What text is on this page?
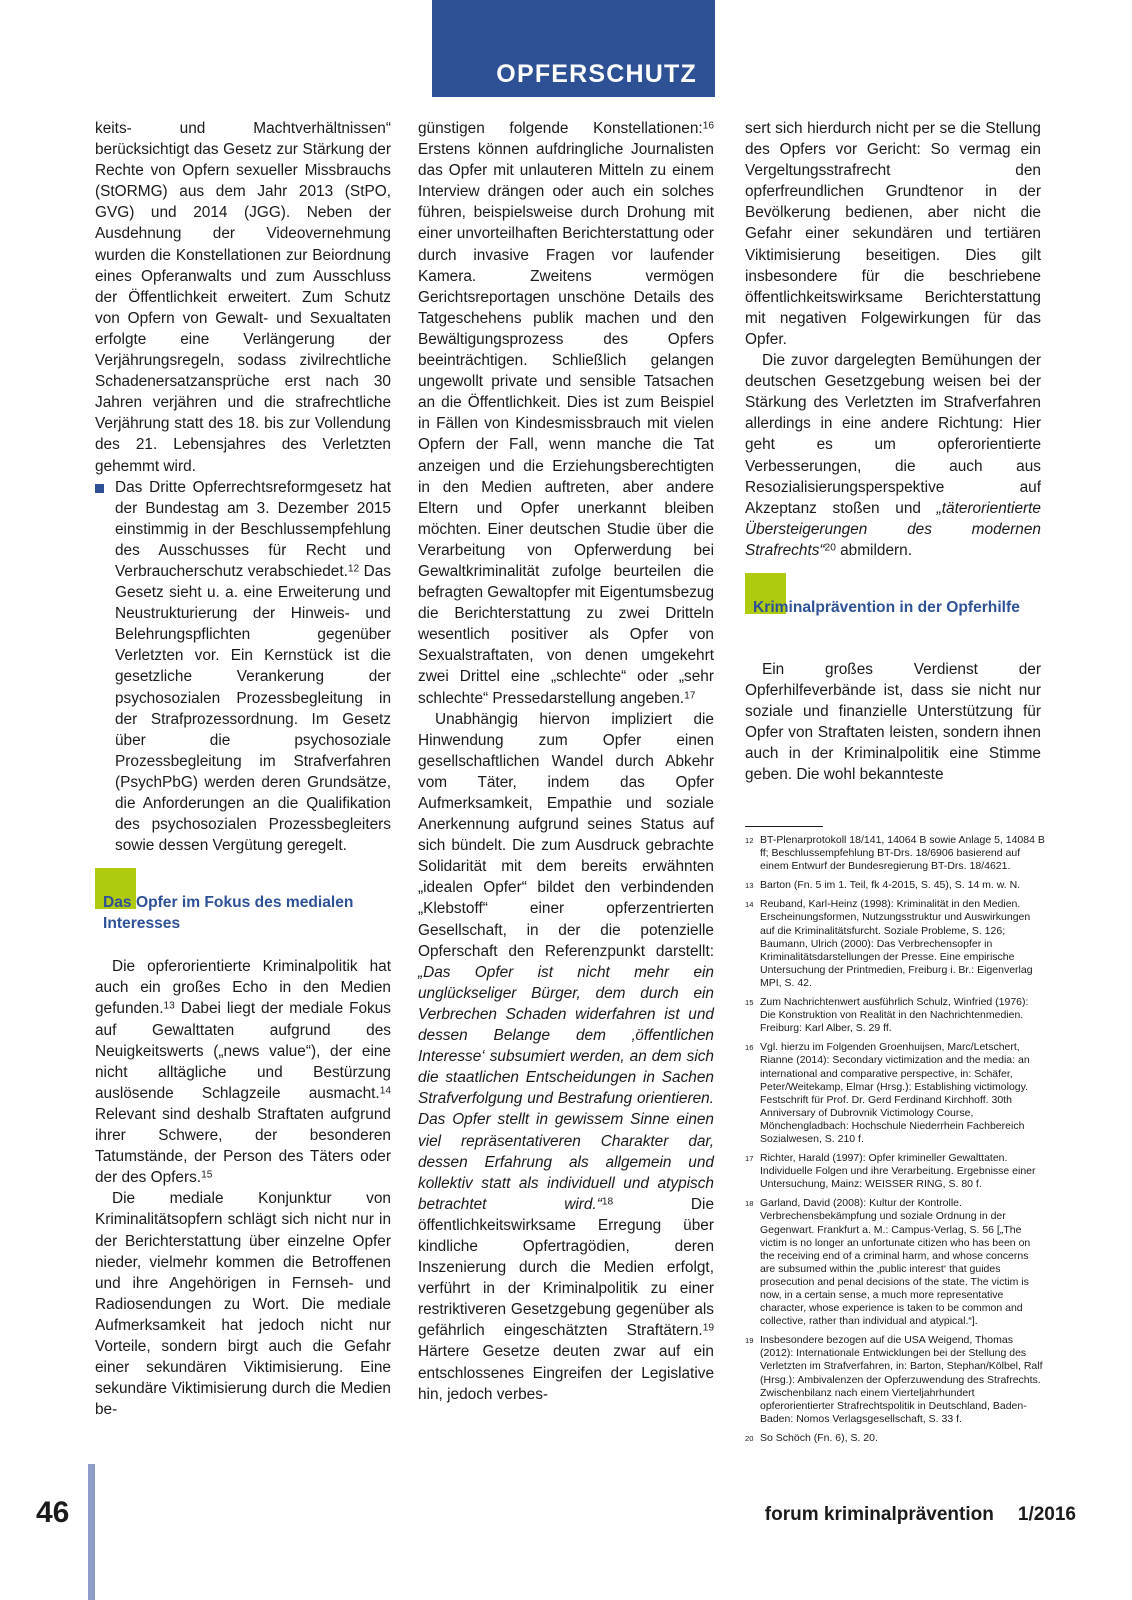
OPFERSCHUTZ

keits- und Machtverhältnissen“ berücksichtigt das Gesetz zur Stärkung der Rechte von Opfern sexueller Missbrauchs (StORMG) aus dem Jahr 2013 (StPO, GVG) und 2014 (JGG). Neben der Ausdehnung der Videovernehmung wurden die Konstellationen zur Beiordnung eines Opferanwalts und zum Ausschluss der Öffentlichkeit erweitert. Zum Schutz von Opfern von Gewalt- und Sexualtaten erfolgte eine Verlängerung der Verjährungsregeln, sodass zivilrechtliche Schadenersatzansprüche erst nach 30 Jahren verjähren und die strafrechtliche Verjährung statt des 18. bis zur Vollendung des 21. Lebensjahres des Verletzten gehemmt wird.

Das Dritte Opferrechtsreformgesetz hat der Bundestag am 3. Dezember 2015 einstimmig in der Beschlussempfehlung des Ausschusses für Recht und Verbraucherschutz verabschiedet.$^{12}$ Das Gesetz sieht u. a. eine Erweiterung und Neustrukturierung der Hinweis- und Belehrungspflichten gegenüber Verletzten vor. Ein Kernstück ist die gesetzliche Verankerung der psychosozialen Prozessbegleitung in der Strafprozessordnung. Im Gesetz über die psychosoziale Prozessbegleitung im Strafverfahren (PsychPbG) werden deren Grundsätze, die Anforderungen an die Qualifikation des psychosozialen Prozessbegleiters sowie dessen Vergütung geregelt.
Das Opfer im Fokus des medialen Interesses

Die opferorientierte Kriminalpolitik hat auch ein großes Echo in den Medien gefunden.$^{13}$ Dabei liegt der mediale Fokus auf Gewalttaten aufgrund des Neuigkeitswerts („news value“), der eine nicht alltägliche und Bestürzung auslösende Schlagzeile ausmacht.$^{14}$ Relevant sind deshalb Straftaten aufgrund ihrer Schwere, der besonderen Tatumstände, der Person des Täters oder der des Opfers.$^{15}$

Die mediale Konjunktur von Kriminalitätsopfern schlägt sich nicht nur in der Berichterstattung über einzelne Opfer nieder, vielmehr kommen die Betroffenen und ihre Angehörigen in Fernseh- und Radiosendungen zu Wort. Die mediale Aufmerksamkeit hat jedoch nicht nur Vorteile, sondern birgt auch die Gefahr einer sekundären Viktimisierung. Eine sekundäre Viktimisierung durch die Medien be-

günstigen folgende Konstellationen:$^{16}$ Erstens können aufdringliche Journalisten das Opfer mit unlauteren Mitteln zu einem Interview drängen oder auch ein solches führen, beispielsweise durch Drohung mit einer unvorteilhaften Berichterstattung oder durch invasive Fragen vor laufender Kamera. Zweitens vermögen Gerichtsreportagen unschöne Details des Tatgeschehens publik machen und den Bewältigungsprozess des Opfers beeinträchtigen. Schließlich gelangen ungewollt private und sensible Tatsachen an die Öffentlichkeit. Dies ist zum Beispiel in Fällen von Kindesmissbrauch mit vielen Opfern der Fall, wenn manche die Tat anzeigen und die Erziehungsberechtigten in den Medien auftreten, aber andere Eltern und Opfer unerkannt bleiben möchten. Einer deutschen Studie über die Verarbeitung von Opferwerdung bei Gewaltkriminalität zufolge beurteilen die befragten Gewaltopfer mit Eigentumsbezug die Berichterstattung zu zwei Dritteln wesentlich positiver als Opfer von Sexualstraftaten, von denen umgekehrt zwei Drittel eine „schlechte“ oder „sehr schlechte“ Pressedarstellung angeben.$^{17}$

Unabhängig hiervon impliziert die Hinwendung zum Opfer einen gesellschaftlichen Wandel durch Abkehr vom Täter, indem das Opfer Aufmerksamkeit, Empathie und soziale Anerkennung aufgrund seines Status auf sich bündelt. Die zum Ausdruck gebrachte Solidarität mit dem bereits erwähnten „idealen Opfer“ bildet den verbindenden „Klebstoff“ einer opferzentrierten Gesellschaft, in der die potenzielle Opferschaft den Referenzpunkt darstellt: „Das Opfer ist nicht mehr ein unglückseliger Bürger, dem durch ein Verbrechen Schaden widerfahren ist und dessen Belange dem ‚öffentlichen Interesse‘ subsumiert werden, an dem sich die staatlichen Entscheidungen in Sachen Strafverfolgung und Bestrafung orientieren. Das Opfer stellt in gewissem Sinne einen viel repräsentativeren Charakter dar, dessen Erfahrung als allgemein und kollektiv statt als individuell und atypisch betrachtet wird.“$^{18}$ Die öffentlichkeitswirksame Erregung über kindliche Opfertragödien, deren Inszenierung durch die Medien erfolgt, verführt in der Kriminalpolitik zu einer restriktiveren Gesetzgebung gegenüber als gefährlich eingeschätzten Straftätern.$^{19}$ Härtere Gesetze deuten zwar auf ein entschlossenes Eingreifen der Legislative hin, jedoch verbes-

sert sich hierdurch nicht per se die Stellung des Opfers vor Gericht: So vermag ein Vergeltungsstrafrecht den opferfreundlichen Grundtenor in der Bevölkerung bedienen, aber nicht die Gefahr einer sekundären und tertiären Viktimisierung beseitigen. Dies gilt insbesondere für die beschriebene öffentlichkeitswirksame Berichterstattung mit negativen Folgewirkungen für das Opfer.

Die zuvor dargelegten Bemühungen der deutschen Gesetzgebung weisen bei der Stärkung des Verletzten im Strafverfahren allerdings in eine andere Richtung: Hier geht es um opferorientierte Verbesserungen, die auch aus Resozialisierungsperspektive auf Akzeptanz stoßen und „täterorientierte Übersteigerungen des modernen Strafrechts“$^{20}$ abmildern.

Kriminalprävention in der Opferhilfe

Ein großes Verdienst der Opferhilfeverbände ist, dass sie nicht nur soziale und finanzielle Unterstützung für Opfer von Straftaten leisten, sondern ihnen auch in der Kriminalpolitik eine Stimme geben. Die wohl bekannteste

12 BT-Plenarprotokoll 18/141, 14064 B sowie Anlage 5, 14084 B ff; Beschlussempfehlung BT-Drs. 18/6906 basierend auf einem Entwurf der Bundesregierung BT-Drs. 18/4621.
13 Barton (Fn. 5 im 1. Teil, fk 4-2015, S. 45), S. 14 m. w. N.
14 Reuband, Karl-Heinz (1998): Kriminalität in den Medien. Erscheinungsformen, Nutzungsstruktur und Auswirkungen auf die Kriminalitätsfurcht. Soziale Probleme, S. 126; Baumann, Ulrich (2000): Das Verbrechensopfer in Kriminalitätsdarstellungen der Presse. Eine empirische Untersuchung der Printmedien, Freiburg i. Br.: Eigenverlag MPI, S. 42.
15 Zum Nachrichtenwert ausführlich Schulz, Winfried (1976): Die Konstruktion von Realität in den Nachrichtenmedien. Freiburg: Karl Alber, S. 29 ff.
16 Vgl. hierzu im Folgenden Groenhuijsen, Marc/Letschert, Rianne (2014): Secondary victimization and the media: an international and comparative perspective, in: Schäfer, Peter/Weitekamp, Elmar (Hrsg.): Establishing victimology. Festschrift für Prof. Dr. Gerd Ferdinand Kirchhoff. 30th Anniversary of Dubrovnik Victimology Course, Mönchengladbach: Hochschule Niederrhein Fachbereich Sozialwesen, S. 210 f.
17 Richter, Harald (1997): Opfer krimineller Gewalttaten. Individuelle Folgen und ihre Verarbeitung. Ergebnisse einer Untersuchung, Mainz: WEISSER RING, S. 80 f.
18 Garland, David (2008): Kultur der Kontrolle. Verbrechensbekämpfung und soziale Ordnung in der Gegenwart. Frankfurt a. M.: Campus-Verlag, S. 56 [„The victim is no longer an unfortunate citizen who has been on the receiving end of a criminal harm, and whose concerns are subsumed within the ‚public interest‘ that guides prosecution and penal decisions of the state. The victim is now, in a certain sense, a much more representative character, whose experience is taken to be common and collective, rather than individual and atypical.“].
19 Insbesondere bezogen auf die USA Weigend, Thomas (2012): Internationale Entwicklungen bei der Stellung des Verletzten im Strafverfahren, in: Barton, Stephan/Kölbel, Ralf (Hrsg.): Ambivalenzen der Opferzuwendung des Strafrechts. Zwischenbilanz nach einem Vierteljahrhundert opferorientierter Strafrechtspolitik in Deutschland, Baden-Baden: Nomos Verlagsgesellschaft, S. 33 f.
20 So Schöch (Fn. 6), S. 20.
46	forum kriminalprävention 1/2016
